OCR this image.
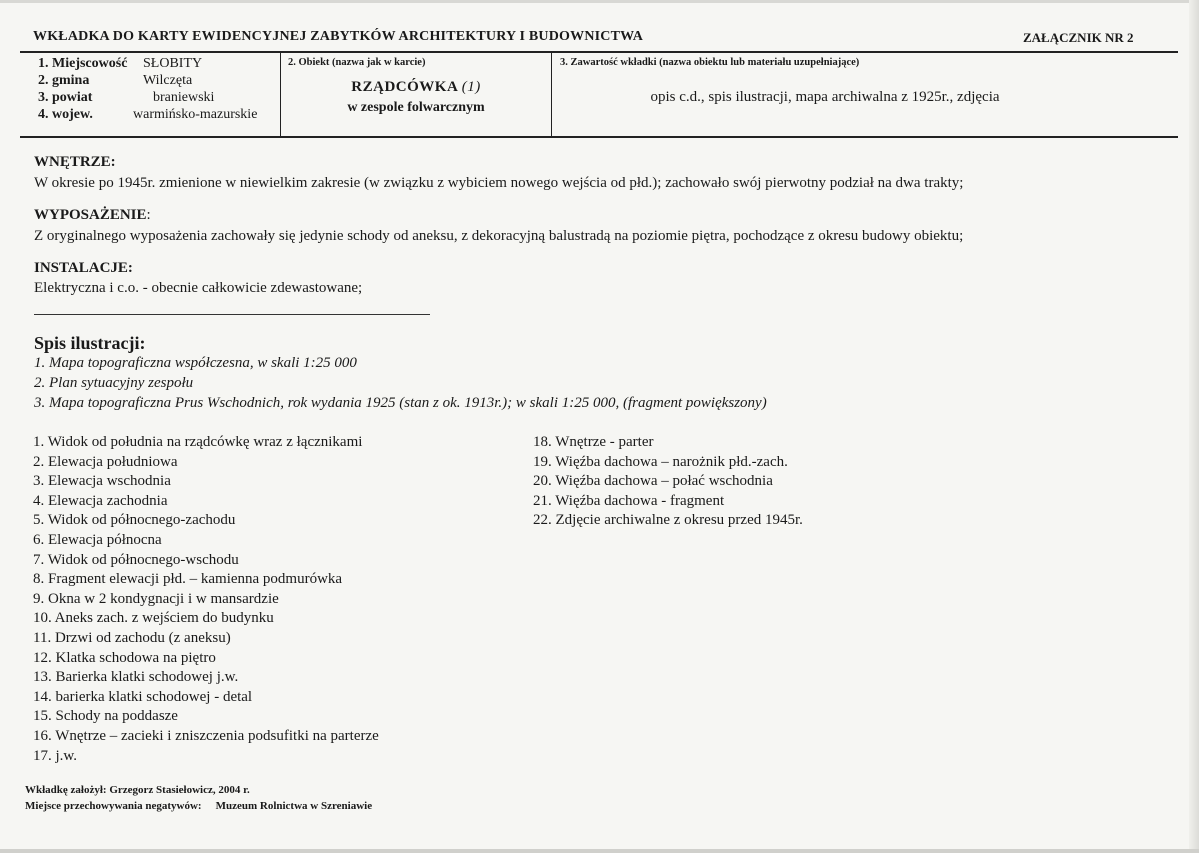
WKŁADKA DO KARTY EWIDENCYJNEJ ZABYTKÓW ARCHITEKTURY I BUDOWNICTWA	ZAŁĄCZNIK NR 2
1. Miejscowość	SŁOBITY
2. gmina	Wilczęta
3. powiat	braniewski
4. wojew.	warmińsko-mazurskie
2. Obiekt (nazwa jak w karcie)
RZĄDCÓWKA (1)
w zespole folwarcznym
3. Zawartość wkładki (nazwa obiektu lub materiału uzupełniające)
opis c.d., spis ilustracji, mapa archiwalna z 1925r., zdjęcia
WNĘTRZE:
W okresie po 1945r. zmienione w niewielkim zakresie (w związku z wybiciem nowego wejścia od płd.); zachowało swój pierwotny podział na dwa trakty;
WYPOSAŻENIE:
Z oryginalnego wyposażenia zachowały się jedynie schody od aneksu, z dekoracyjną balustradą na poziomie piętra, pochodzące z okresu budowy obiektu;
INSTALACJE:
Elektryczna i c.o. - obecnie całkowicie zdewastowane;
Spis ilustracji:
1. Mapa topograficzna współczesna, w skali 1:25 000
2. Plan sytuacyjny zespołu
3. Mapa topograficzna Prus Wschodnich, rok wydania 1925 (stan z ok. 1913r.); w skali 1:25 000, (fragment powiększony)
1. Widok od południa na rządcówkę wraz z łącznikami
2. Elewacja południowa
3. Elewacja wschodnia
4. Elewacja zachodnia
5. Widok od północnego-zachodu
6. Elewacja północna
7. Widok od północnego-wschodu
8. Fragment elewacji płd. – kamienna podmurówka
9. Okna w 2 kondygnacji i w mansardzie
10. Aneks zach. z wejściem do budynku
11. Drzwi od zachodu (z aneksu)
12. Klatka schodowa na piętro
13. Barierka klatki schodowej j.w.
14. barierka klatki schodowej - detal
15. Schody na poddasze
16. Wnętrze – zacieki i zniszczenia podsufitki na parterze
17. j.w.
18. Wnętrze - parter
19. Więźba dachowa – narożnik płd.-zach.
20. Więźba dachowa – połać wschodnia
21. Więźba dachowa - fragment
22. Zdjęcie archiwalne z okresu przed 1945r.
Wkładkę założył: Grzegorz Stasiełowicz, 2004 r.
Miejsce przechowywania negatywów: Muzeum Rolnictwa w Szreniawie
